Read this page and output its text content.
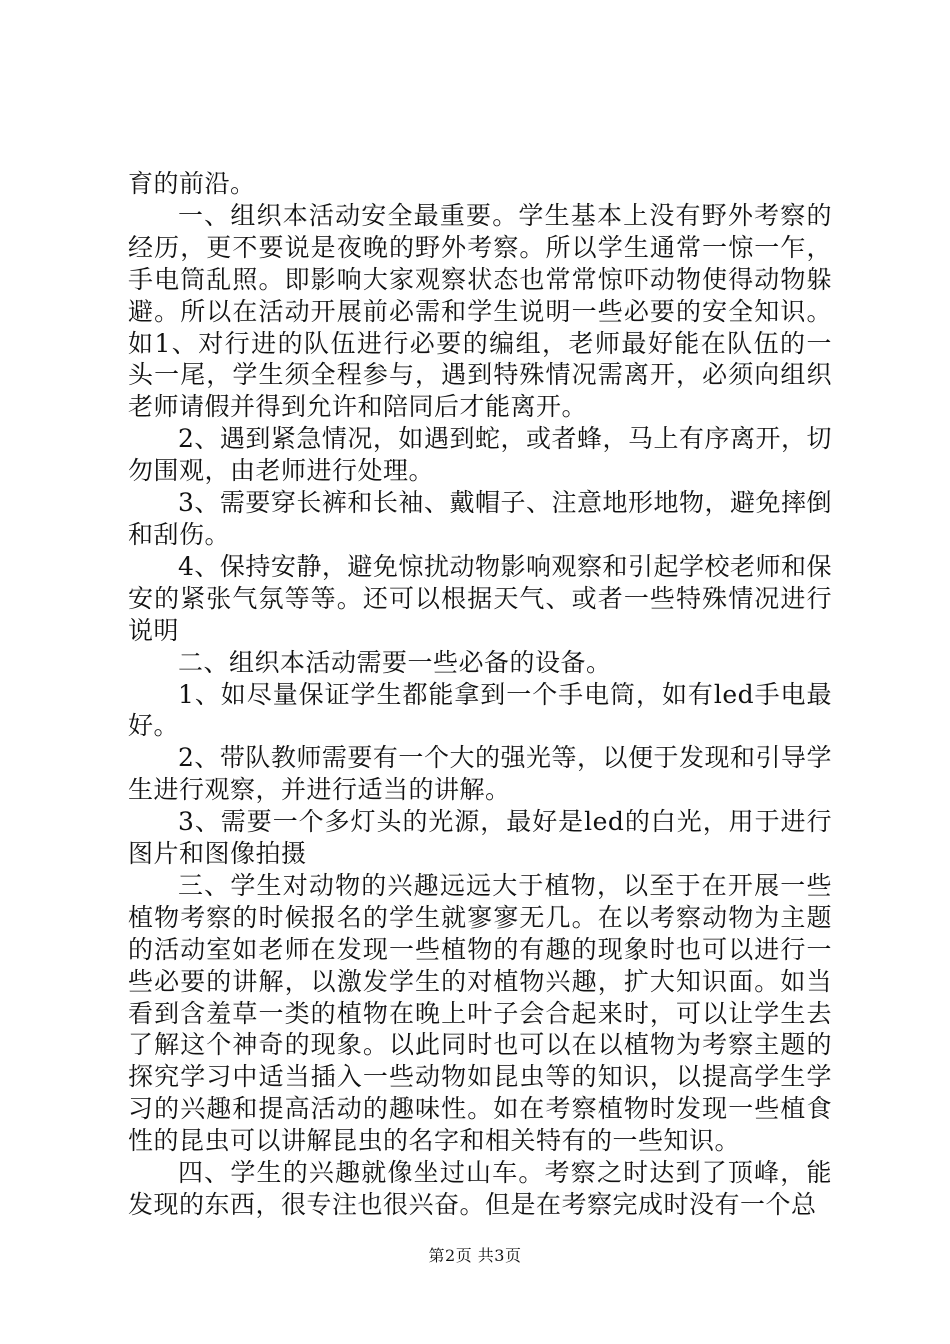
育的前沿。

一、组织本活动安全最重要。学生基本上没有野外考察的经历，更不要说是夜晚的野外考察。所以学生通常一惊一乍，手电筒乱照。即影响大家观察状态也常常惊吓动物使得动物躲避。所以在活动开展前必需和学生说明一些必要的安全知识。如1、对行进的队伍进行必要的编组，老师最好能在队伍的一头一尾，学生须全程参与，遇到特殊情况需离开，必须向组织老师请假并得到允许和陪同后才能离开。

2、遇到紧急情况，如遇到蛇，或者蜂，马上有序离开，切勿围观，由老师进行处理。

3、需要穿长裤和长袖、戴帽子、注意地形地物，避免摔倒和刮伤。

4、保持安静，避免惊扰动物影响观察和引起学校老师和保安的紧张气氛等等。还可以根据天气、或者一些特殊情况进行说明

二、组织本活动需要一些必备的设备。

1、如尽量保证学生都能拿到一个手电筒，如有led手电最好。

2、带队教师需要有一个大的强光等，以便于发现和引导学生进行观察，并进行适当的讲解。

3、需要一个多灯头的光源，最好是led的白光，用于进行图片和图像拍摄

三、学生对动物的兴趣远远大于植物，以至于在开展一些植物考察的时候报名的学生就寥寥无几。在以考察动物为主题的活动室如老师在发现一些植物的有趣的现象时也可以进行一些必要的讲解，以激发学生的对植物兴趣，扩大知识面。如当看到含羞草一类的植物在晚上叶子会合起来时，可以让学生去了解这个神奇的现象。以此同时也可以在以植物为考察主题的探究学习中适当插入一些动物如昆虫等的知识，以提高学生学习的兴趣和提高活动的趣味性。如在考察植物时发现一些植食性的昆虫可以讲解昆虫的名字和相关特有的一些知识。

四、学生的兴趣就像坐过山车。考察之时达到了顶峰，能发现的东西，很专注也很兴奋。但是在考察完成时没有一个总

第2页 共3页
